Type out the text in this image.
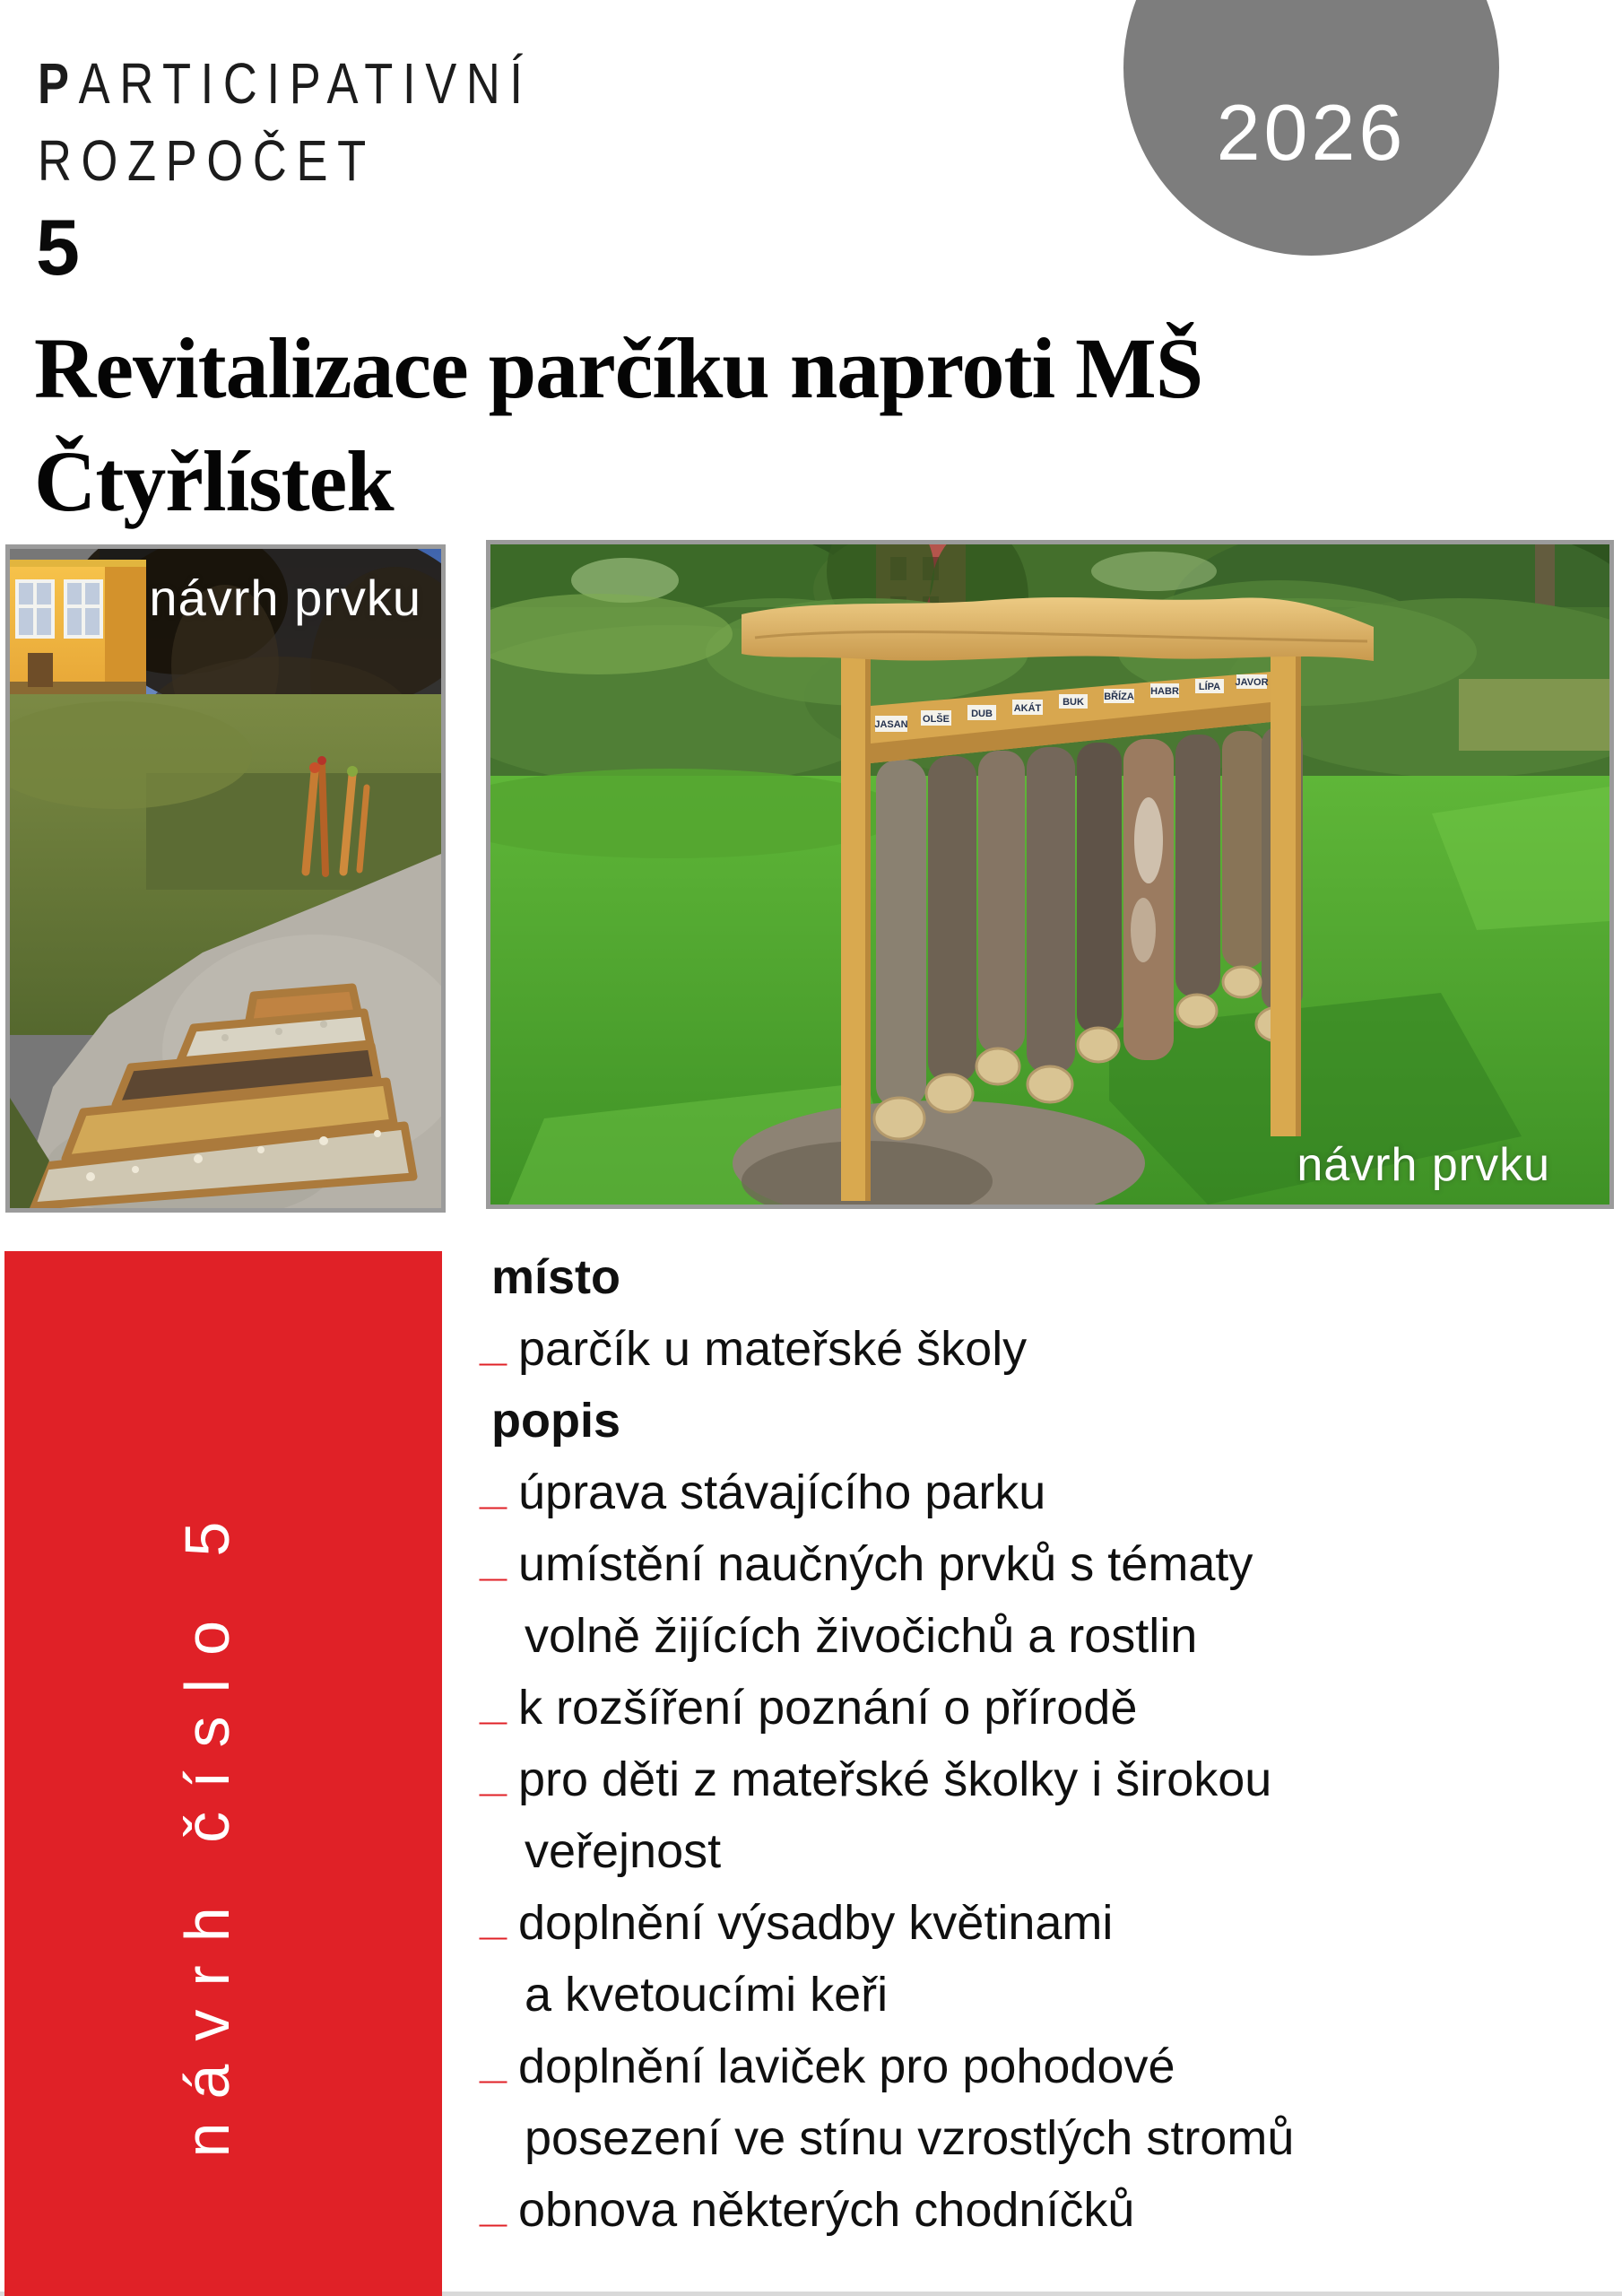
PARTICIPATIVNÍ
ROZPOČET
5
2026
Revitalizace parčíku naproti MŠ
Čtyřlístek
návrh prvku
JASAN OLŠE DUB AKÁT
BUK BŘÍZA HABR LÍPA JAVOR
návrh prvku
návrh číslo 5
místo
_ parčík u mateřské školy
popis
_ úprava stávajícího parku
_ umístění naučných prvků s tématy
volně žijících živočichů a rostlin
_ k rozšíření poznání o přírodě
_ pro děti z mateřské školky i širokou
veřejnost
_ doplnění výsadby květinami
a kvetoucími keři
_ doplnění laviček pro pohodové
posezení ve stínu vzrostlých stromů
_ obnova některých chodníčků
